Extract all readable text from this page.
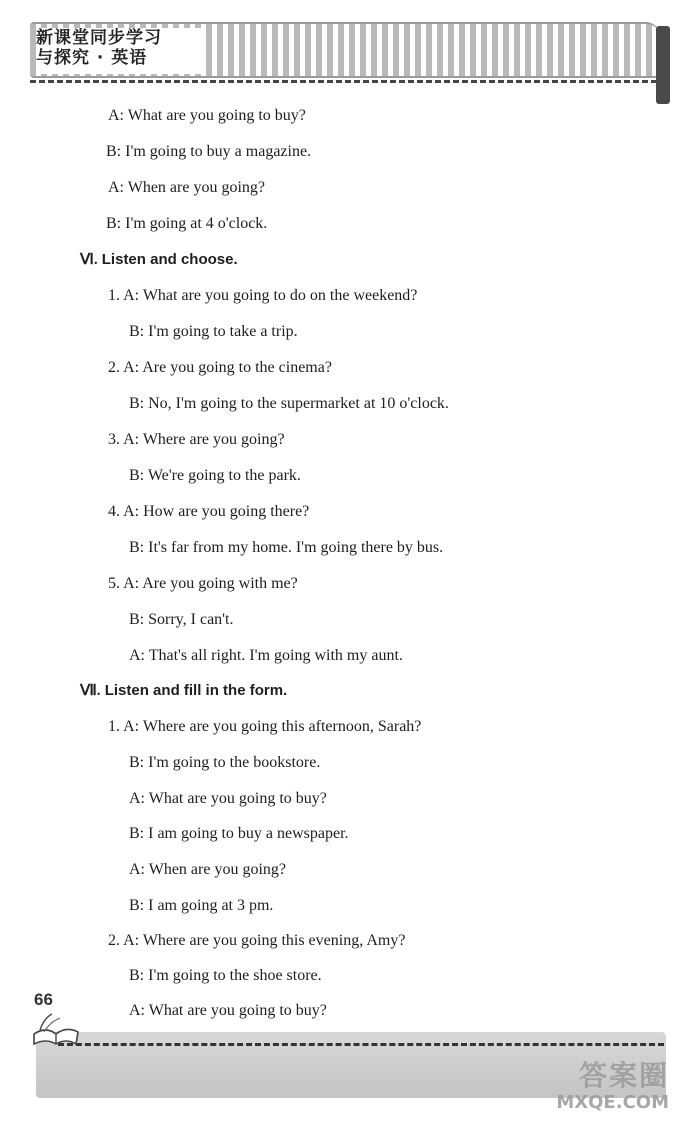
新课堂同步学习
与探究 · 英语
A: What are you going to buy?
B: I'm going to buy a magazine.
A: When are you going?
B: I'm going at 4 o'clock.
Ⅵ. Listen and choose.
1. A: What are you going to do on the weekend?
B: I'm going to take a trip.
2. A: Are you going to the cinema?
B: No, I'm going to the supermarket at 10 o'clock.
3. A: Where are you going?
B: We're going to the park.
4. A: How are you going there?
B: It's far from my home. I'm going there by bus.
5. A: Are you going with me?
B: Sorry, I can't.
A: That's all right. I'm going with my aunt.
Ⅶ. Listen and fill in the form.
1. A: Where are you going this afternoon, Sarah?
B: I'm going to the bookstore.
A: What are you going to buy?
B: I am going to buy a newspaper.
A: When are you going?
B: I am going at 3 pm.
2. A: Where are you going this evening, Amy?
B: I'm going to the shoe store.
A: What are you going to buy?
66
答案圈
MXQE.COM
